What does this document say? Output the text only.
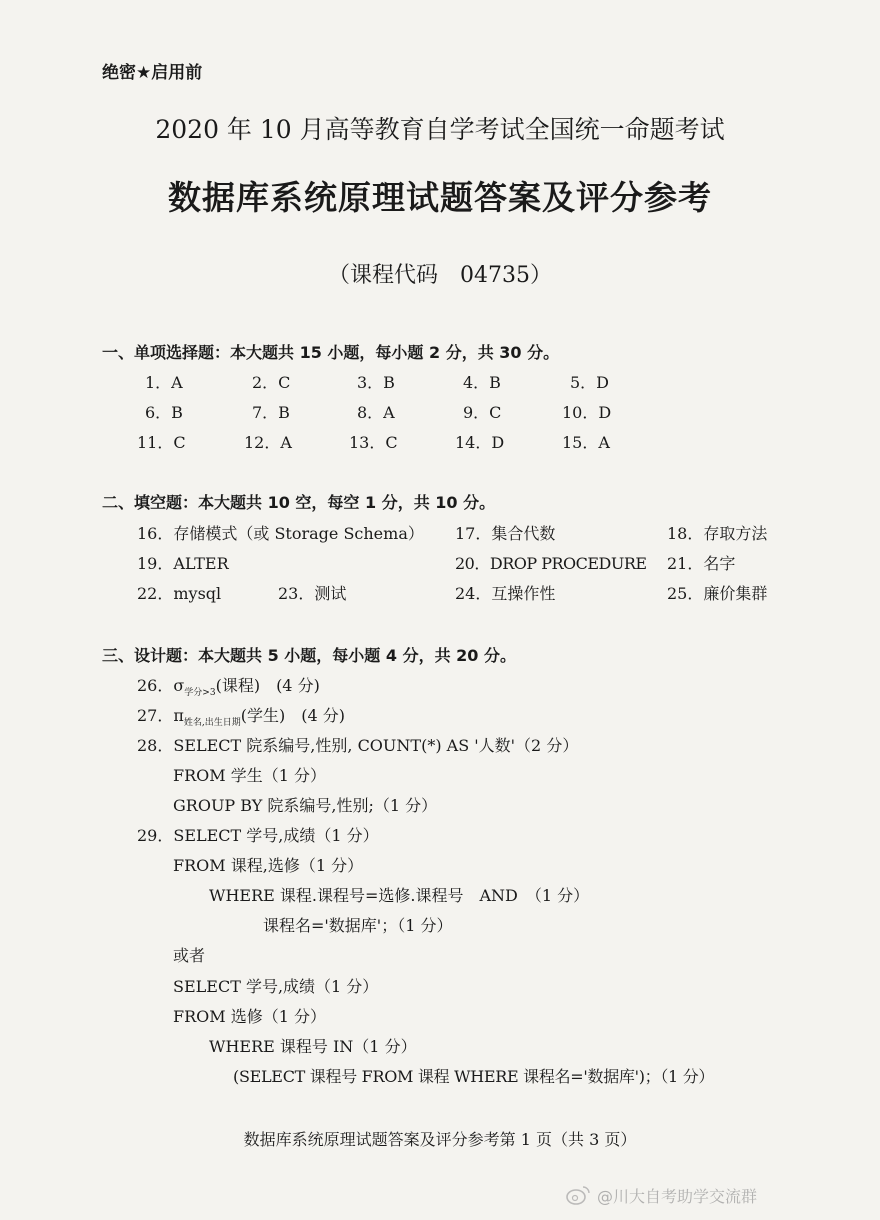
绝密★启用前
2020 年 10 月高等教育自学考试全国统一命题考试
数据库系统原理试题答案及评分参考
（课程代码　04735）
一、单项选择题：本大题共 15 小题，每小题 2 分，共 30 分。
1．A	2．C	3．B	4．B	5．D
6．B	7．B	8．A	9．C	10．D
11．C	12．A	13．C	14．D	15．A
二、填空题：本大题共 10 空，每空 1 分，共 10 分。
16．存储模式（或 Storage Schema） 17．集合代数	18．存取方法
19．ALTER	20．DROP PROCEDURE 21．名字
22．mysql	23．测试	24．互操作性	25．廉价集群
三、设计题：本大题共 5 小题，每小题 4 分，共 20 分。
26．$\sigma_{学分>3}$(课程)　(4 分)
27．$\pi_{姓名,出生日期}$(学生)　(4 分)
28．SELECT 院系编号,性别, COUNT(*) AS '人数'（2 分）
FROM 学生（1 分）
GROUP BY 院系编号,性别;（1 分）
29．SELECT 学号,成绩（1 分）
FROM 课程,选修（1 分）
WHERE 课程.课程号=选修.课程号　AND　（1 分）
课程名='数据库'；（1 分）
或者
SELECT 学号,成绩（1 分）
FROM 选修（1 分）
WHERE 课程号 IN（1 分）
(SELECT 课程号 FROM 课程 WHERE 课程名='数据库')；（1 分）
数据库系统原理试题答案及评分参考第 1 页（共 3 页）
@川大自考助学交流群
